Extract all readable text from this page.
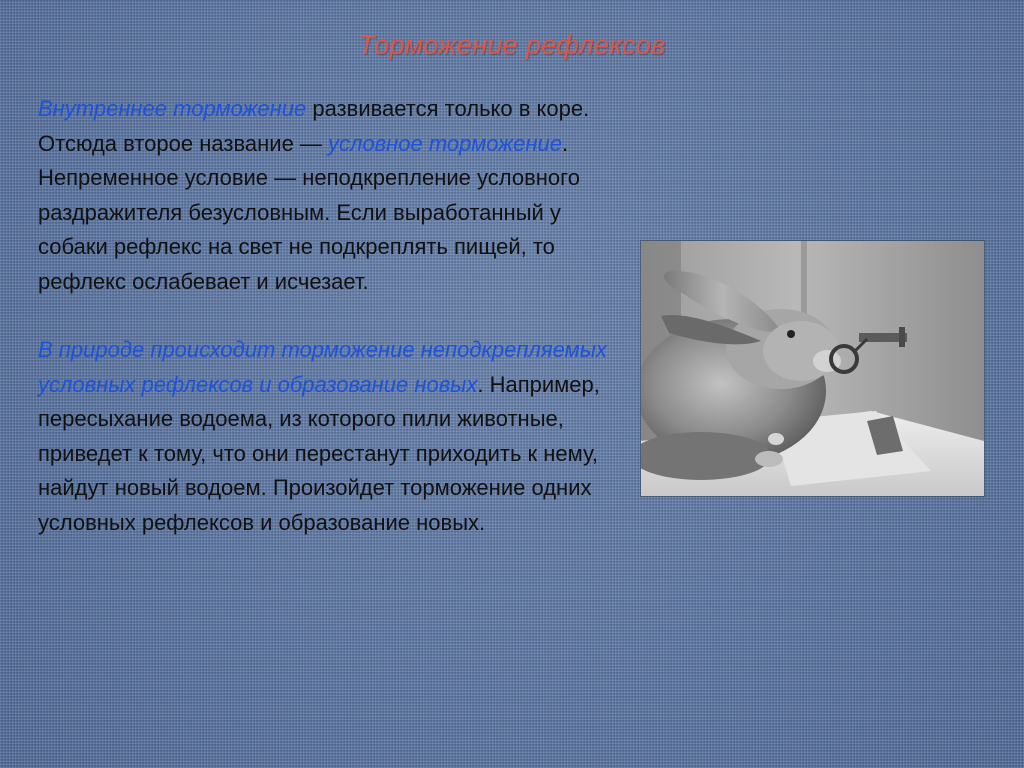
Торможение рефлексов

Внутреннее торможение развивается только в коре. Отсюда второе название — условное торможение. Непременное условие — неподкрепление условного раздражителя безусловным. Если выработанный у собаки рефлекс на свет не подкреплять пищей, то рефлекс ослабевает и исчезает.

В природе происходит торможение неподкрепляемых условных рефлексов и образование новых. Например, пересыхание водоема, из которого пили животные, приведет к тому, что они перестанут приходить к нему, найдут новый водоем. Произойдет торможение одних условных рефлексов и образование новых.
